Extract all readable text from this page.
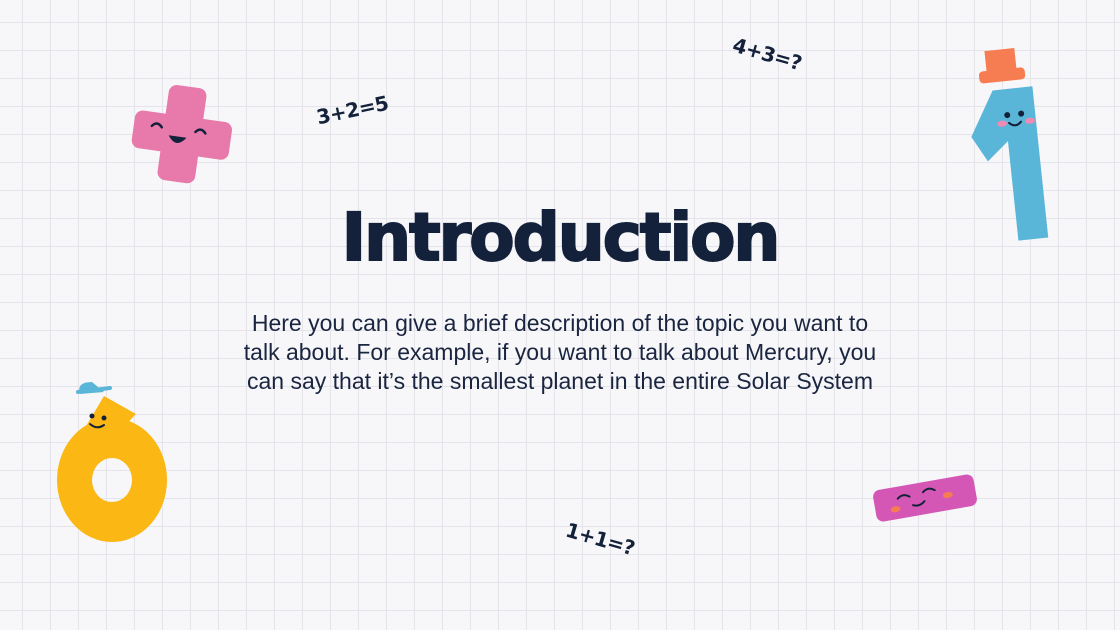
3+2=5
4+3=?
1+1=?
Introduction
Here you can give a brief description of the topic you want to talk about. For example, if you want to talk about Mercury, you can say that it’s the smallest planet in the entire Solar System
